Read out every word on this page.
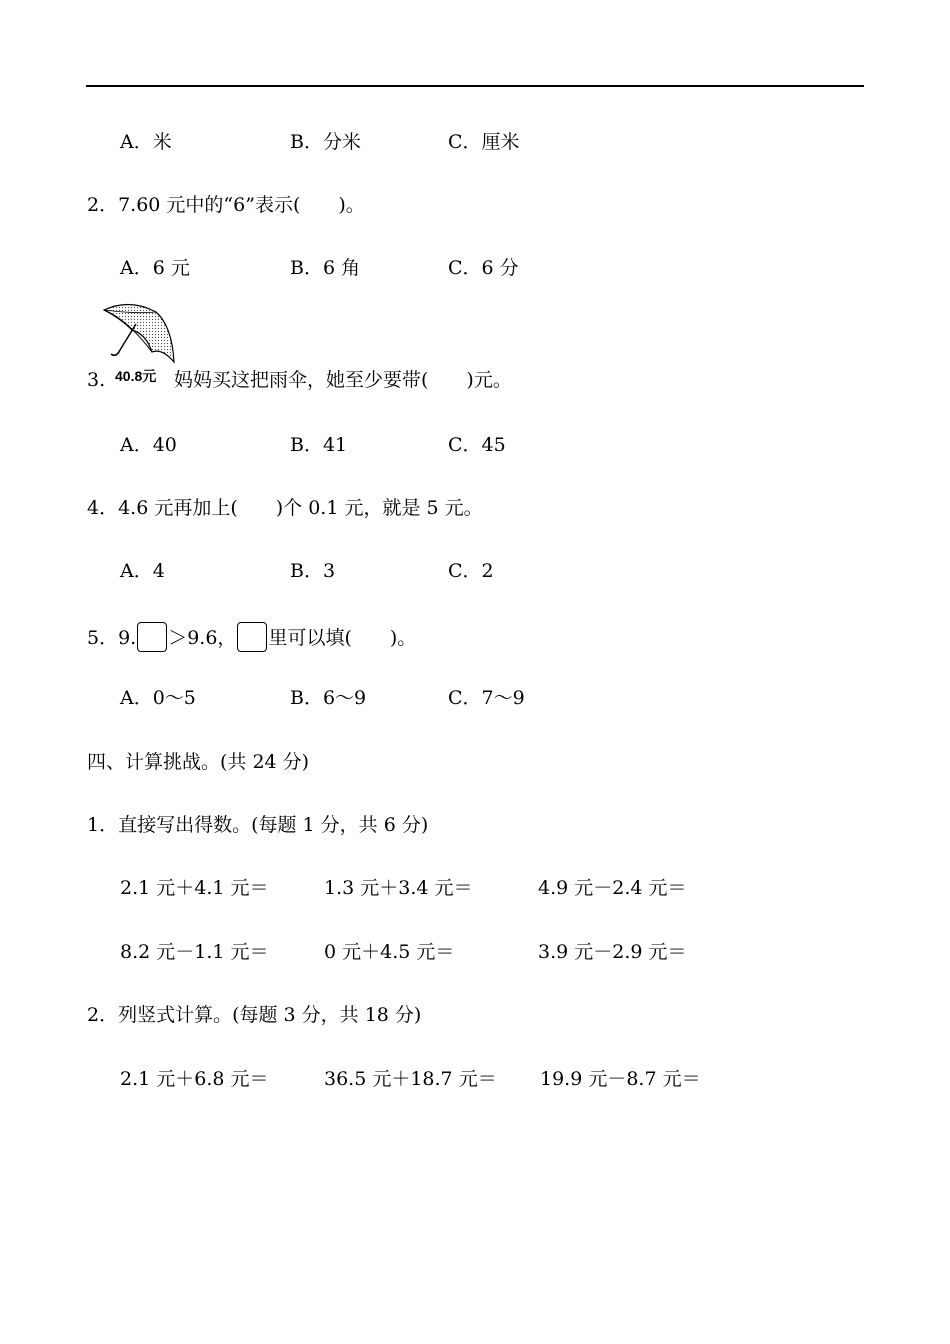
A．米	B．分米	C．厘米
2．7.60 元中的“6”表示(　　)。
A．6 元	B．6 角	C．6 分
40.8元
3.	妈妈买这把雨伞，她至少要带(　　)元。
A．40	B．41	C．45
4．4.6 元再加上(　　)个 0.1 元，就是 5 元。
A．4	B．3	C．2
5．9. ＞9.6， 里可以填(　　)。
A．0～5	B．6～9	C．7～9
四、计算挑战。(共 24 分)
1．直接写出得数。(每题 1 分，共 6 分)
2.1 元＋4.1 元＝	1.3 元＋3.4 元＝	4.9 元－2.4 元＝
8.2 元－1.1 元＝	0 元＋4.5 元＝	3.9 元－2.9 元＝
2．列竖式计算。(每题 3 分，共 18 分)
2.1 元＋6.8 元＝	36.5 元＋18.7 元＝ 19.9 元－8.7 元＝
